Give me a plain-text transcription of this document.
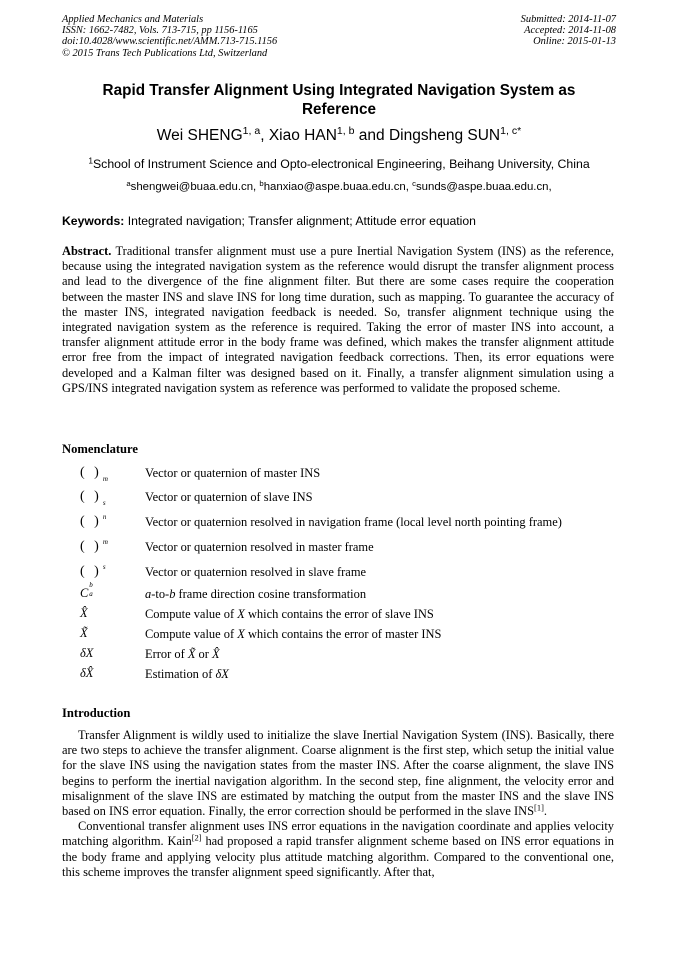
Applied Mechanics and Materials
ISSN: 1662-7482, Vols. 713-715, pp 1156-1165
doi:10.4028/www.scientific.net/AMM.713-715.1156
© 2015 Trans Tech Publications Ltd, Switzerland
Submitted: 2014-11-07
Accepted: 2014-11-08
Online: 2015-01-13
Rapid Transfer Alignment Using Integrated Navigation System as
Reference
Wei SHENG$^{1, a}$, Xiao HAN$^{1, b}$ and Dingsheng $SUN^{1, c*}$
$^1$School of Instrument Science and Opto-electronical Engineering, Beihang University, China
$^a$shengwei@buaa.edu.cn, $^b$hanxiao@aspe.buaa.edu.cn, $^c$sunds@aspe.buaa.edu.cn,
Keywords: Integrated navigation; Transfer alignment; Attitude error equation
Abstract. Traditional transfer alignment must use a pure Inertial Navigation System (INS) as the reference, because using the integrated navigation system as the reference would disrupt the transfer alignment process and lead to the divergence of the fine alignment filter. But there are some cases require the cooperation between the master INS and slave INS for long time duration, such as mapping. To guarantee the accuracy of the master INS, integrated navigation feedback is needed. So, transfer alignment technique using the integrated navigation system as the reference is required. Taking the error of master INS into account, a transfer alignment attitude error in the body frame was defined, which makes the transfer alignment attitude error free from the impact of integrated navigation feedback corrections. Then, its error equations were developed and a Kalman filter was designed based on it. Finally, a transfer alignment simulation using a GPS/INS integrated navigation system as reference was performed to validate the proposed scheme.
Nomenclature
( )$_m$	Vector or quaternion of master INS
( )$_s$	Vector or quaternion of slave INS
( )$^n$	Vector or quaternion resolved in navigation frame (local level north pointing frame)
( )$^m$	Vector or quaternion resolved in master frame
( )$^s$	Vector or quaternion resolved in slave frame
C
b
a	a-to-b frame direction cosine transformation
X̂	Compute value of X which contains the error of slave INS
X̃	Compute value of X which contains the error of master INS
δX	Error of X̃ or X̂
δX̂	Estimation of δX
Introduction

Transfer Alignment is wildly used to initialize the slave Inertial Navigation System (INS). Basically, there are two steps to achieve the transfer alignment. Coarse alignment is the first step, which setup the initial value for the slave INS using the navigation states from the master INS. After the coarse alignment, the slave INS begins to perform the inertial navigation algorithm. In the second step, fine alignment, the velocity error and misalignment of the slave INS are estimated by matching the output from the master INS and the slave INS based on INS error equation. Finally, the error correction should be performed in the slave INS[1].

Conventional transfer alignment uses INS error equations in the navigation coordinate and applies velocity matching algorithm. Kain[2] had proposed a rapid transfer alignment scheme based on INS error equations in the body frame and applying velocity plus attitude matching algorithm. Compared to the conventional one, this scheme improves the transfer alignment speed significantly. After that,
